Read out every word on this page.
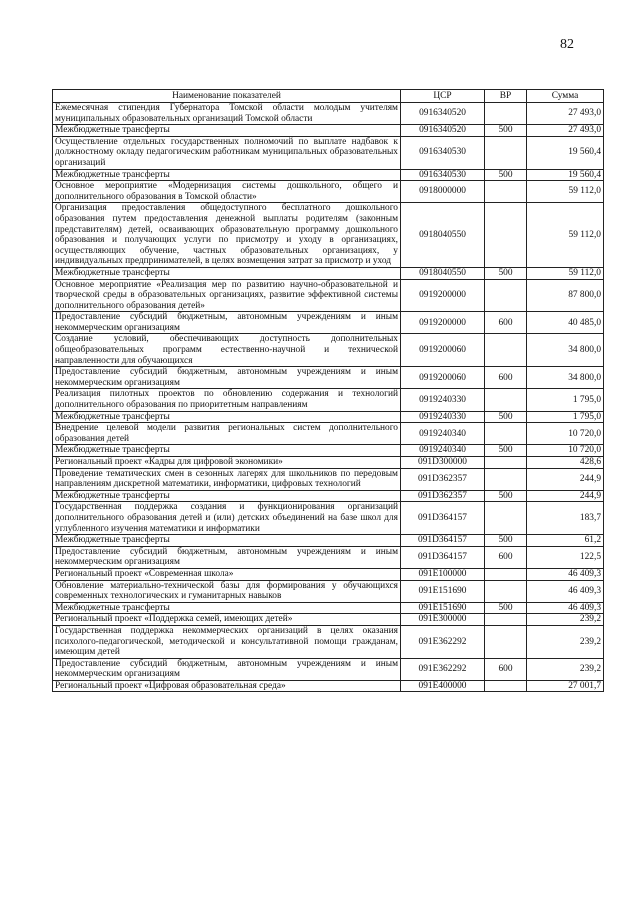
82
Наименование показателей	ЦСР	ВР	Сумма
Ежемесячная стипендия Губернатора Томской области молодым учителям муниципальных образовательных организаций Томской области	0916340520		27 493,0
Межбюджетные трансферты	0916340520	500	27 493,0
Осуществление отдельных государственных полномочий по выплате надбавок к должностному окладу педагогическим работникам муниципальных образовательных организаций	0916340530		19 560,4
Межбюджетные трансферты	0916340530	500	19 560,4
Основное мероприятие «Модернизация системы дошкольного, общего и дополнительного образования в Томской области»	0918000000		59 112,0
Организация предоставления общедоступного бесплатного дошкольного образования путем предоставления денежной выплаты родителям (законным представителям) детей, осваивающих образовательную программу дошкольного образования и получающих услуги по присмотру и уходу в организациях, осуществляющих обучение, частных образовательных организациях, у индивидуальных предпринимателей, в целях возмещения затрат за присмотр и уход	0918040550		59 112,0
Межбюджетные трансферты	0918040550	500	59 112,0
Основное мероприятие «Реализация мер по развитию научно-образовательной и творческой среды в образовательных организациях, развитие эффективной системы дополнительного образования детей»	0919200000		87 800,0
Предоставление субсидий бюджетным, автономным учреждениям и иным некоммерческим организациям	0919200000	600	40 485,0
Создание условий, обеспечивающих доступность дополнительных общеобразовательных программ естественно-научной и технической направленности для обучающихся	0919200060		34 800,0
Предоставление субсидий бюджетным, автономным учреждениям и иным некоммерческим организациям	0919200060	600	34 800,0
Реализация пилотных проектов по обновлению содержания и технологий дополнительного образования по приоритетным направлениям	0919240330		1 795,0
Межбюджетные трансферты	0919240330	500	1 795,0
Внедрение целевой модели развития региональных систем дополнительного образования детей	0919240340		10 720,0
Межбюджетные трансферты	0919240340	500	10 720,0
Региональный проект «Кадры для цифровой экономики»	091D300000		428,6
Проведение тематических смен в сезонных лагерях для школьников по передовым направлениям дискретной математики, информатики, цифровых технологий	091D362357		244,9
Межбюджетные трансферты	091D362357	500	244,9
Государственная поддержка создания и функционирования организаций дополнительного образования детей и (или) детских объединений на базе школ для углубленного изучения математики и информатики	091D364157		183,7
Межбюджетные трансферты	091D364157	500	61,2
Предоставление субсидий бюджетным, автономным учреждениям и иным некоммерческим организациям	091D364157	600	122,5
Региональный проект «Современная школа»	091E100000		46 409,3
Обновление материально-технической базы для формирования у обучающихся современных технологических и гуманитарных навыков	091E151690		46 409,3
Межбюджетные трансферты	091E151690	500	46 409,3
Региональный проект «Поддержка семей, имеющих детей»	091E300000		239,2
Государственная поддержка некоммерческих организаций в целях оказания психолого-педагогической, методической и консультативной помощи гражданам, имеющим детей	091E362292		239,2
Предоставление субсидий бюджетным, автономным учреждениям и иным некоммерческим организациям	091E362292	600	239,2
Региональный проект «Цифровая образовательная среда»	091E400000		27 001,7
